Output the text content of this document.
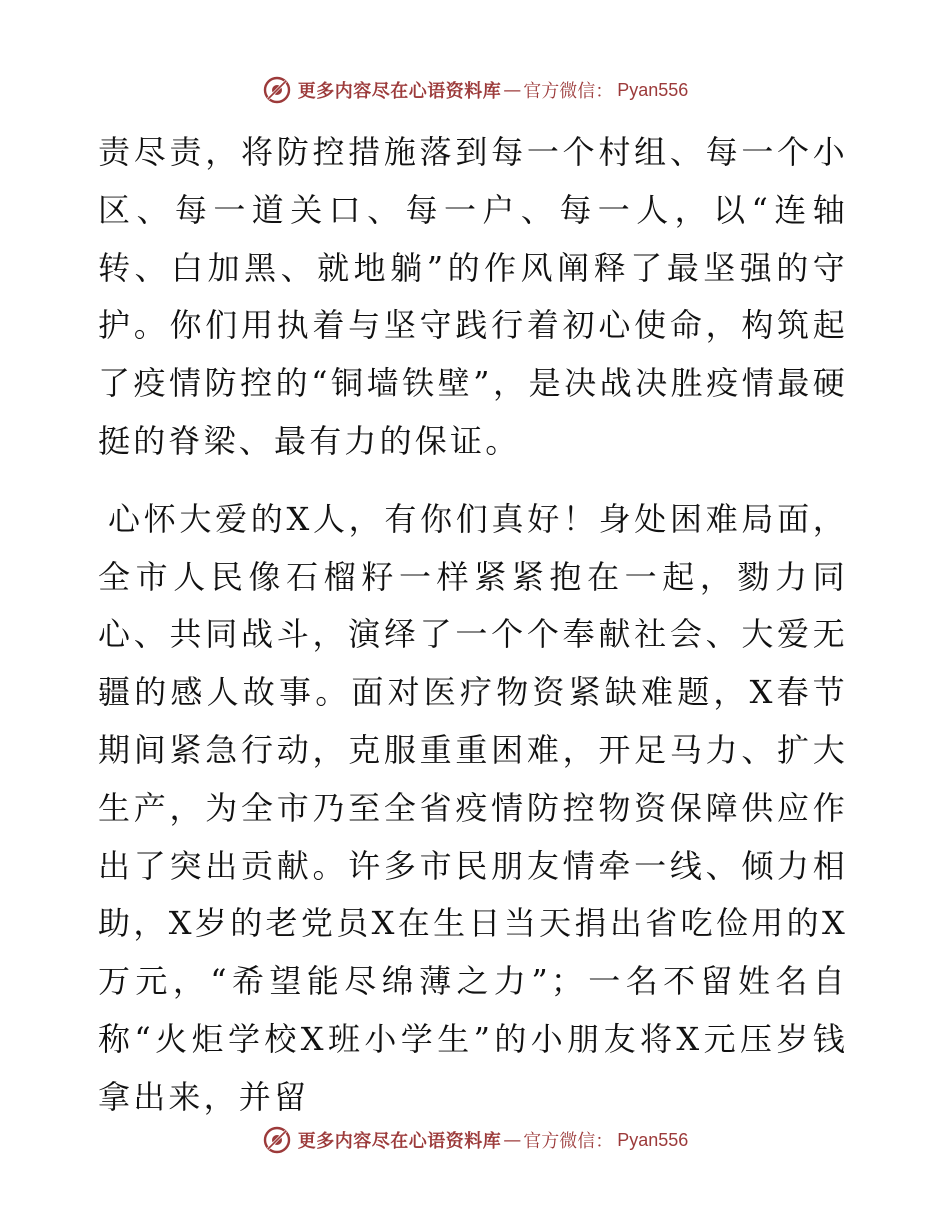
更多内容尽在心语资料库 — 官方微信 ： Pyan556

责尽责，将防控措施落到每一个村组、每一个小区、每一道关口、每一户、每一人，以“连轴转、白加黑、就地躺”的作风阐释了最坚强的守护。你们用执着与坚守践行着初心使命，构筑起了疫情防控的“铜墙铁壁”，是决战决胜疫情最硬挺的脊梁、最有力的保证。

心怀大爱的X人，有你们真好！身处困难局面，全市人民像石榴籽一样紧紧抱在一起，勠力同心、共同战斗，演绎了一个个奉献社会、大爱无疆的感人故事。面对医疗物资紧缺难题，X春节期间紧急行动，克服重重困难，开足马力、扩大生产，为全市乃至全省疫情防控物资保障供应作出了突出贡献。许多市民朋友情牵一线、倾力相助，X岁的老党员X在生日当天捐出省吃俭用的X万元，“希望能尽绵薄之力”；一名不留姓名自称“火炬学校X班小学生”的小朋友将X元压岁钱拿出来，并留

更多内容尽在心语资料库 — 官方微信 ： Pyan556
